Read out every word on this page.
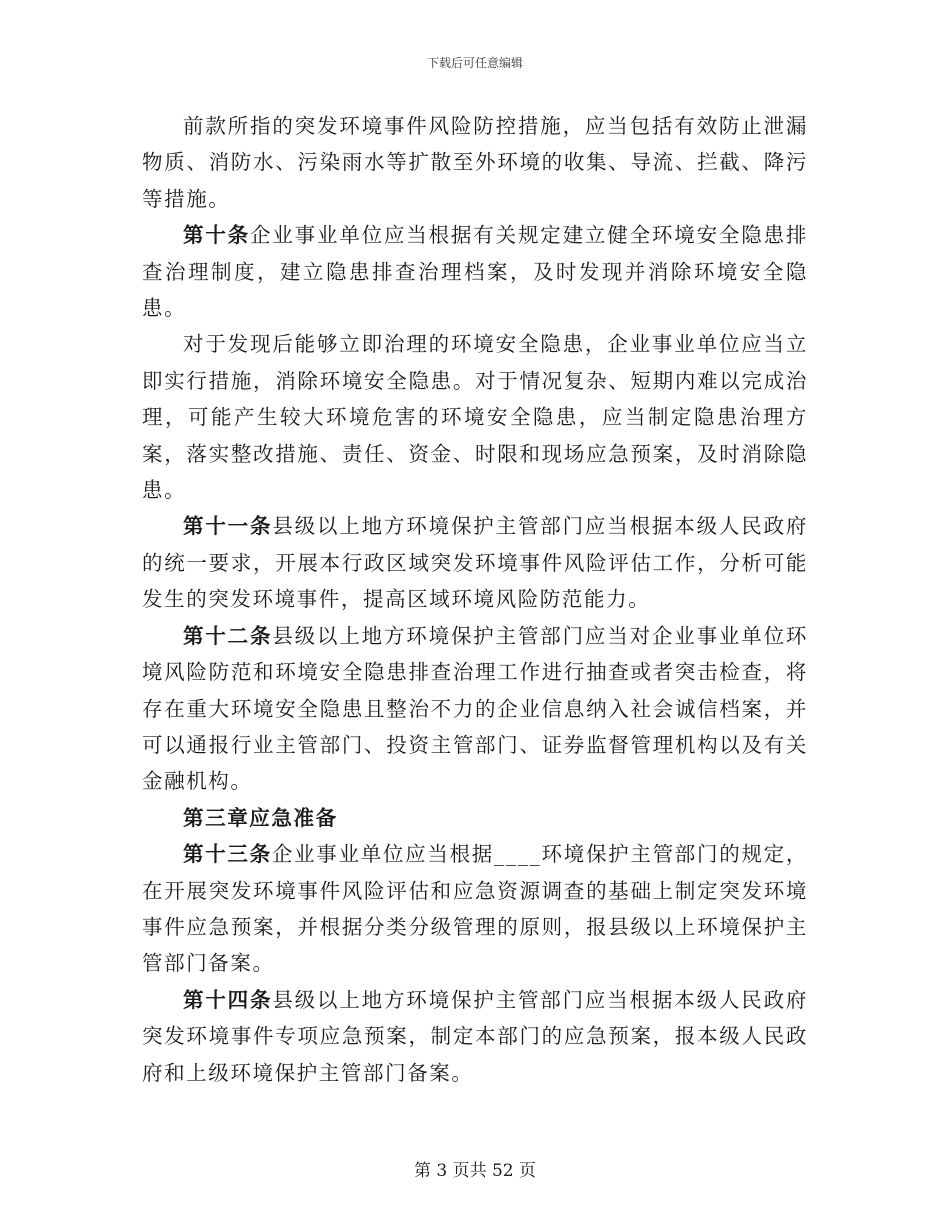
下载后可任意编辑

前款所指的突发环境事件风险防控措施，应当包括有效防止泄漏物质、消防水、污染雨水等扩散至外环境的收集、导流、拦截、降污等措施。

第十条企业事业单位应当根据有关规定建立健全环境安全隐患排查治理制度，建立隐患排查治理档案，及时发现并消除环境安全隐患。

对于发现后能够立即治理的环境安全隐患，企业事业单位应当立即实行措施，消除环境安全隐患。对于情况复杂、短期内难以完成治理，可能产生较大环境危害的环境安全隐患，应当制定隐患治理方案，落实整改措施、责任、资金、时限和现场应急预案，及时消除隐患。

第十一条县级以上地方环境保护主管部门应当根据本级人民政府的统一要求，开展本行政区域突发环境事件风险评估工作，分析可能发生的突发环境事件，提高区域环境风险防范能力。

第十二条县级以上地方环境保护主管部门应当对企业事业单位环境风险防范和环境安全隐患排查治理工作进行抽查或者突击检查，将存在重大环境安全隐患且整治不力的企业信息纳入社会诚信档案，并可以通报行业主管部门、投资主管部门、证券监督管理机构以及有关金融机构。

第三章应急准备

第十三条企业事业单位应当根据____环境保护主管部门的规定，在开展突发环境事件风险评估和应急资源调查的基础上制定突发环境事件应急预案，并根据分类分级管理的原则，报县级以上环境保护主管部门备案。

第十四条县级以上地方环境保护主管部门应当根据本级人民政府突发环境事件专项应急预案，制定本部门的应急预案，报本级人民政府和上级环境保护主管部门备案。

第 3 页共 52 页
